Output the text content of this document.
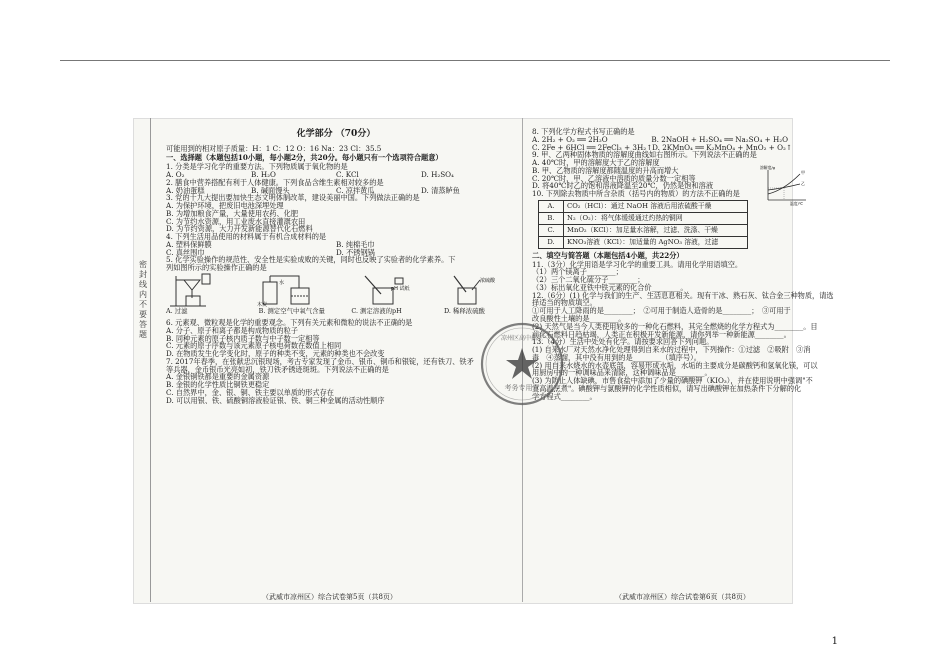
密 封 线 内 不 要 答 题
化学部分 （70分）
可能用到的相对原子质量：H：1 C：12 O：16 Na：23 Cl：35.5
一、选择题（本题包括10小题，每小题2分，共20分。每小题只有一个选项符合题意）
1. 分类是学习化学的重要方法。下列物质属于氧化物的是
A. O₂	B. H₂O	C. KCl	D. H₂SO₄
2. 膳食中营养搭配有利于人体健康。下列食品含维生素相对较多的是
A. 奶油蛋糕	B. 碱面馒头	C. 凉拌黄瓜	D. 清蒸鲈鱼
3. 党的十九大提出要加快生态文明体制改革，建设美丽中国。下列做法正确的是
A. 为保护环境，把废旧电池深埋处理
B. 为增加粮食产量，大量使用农药、化肥
C. 为节约水资源，用工业废水直接灌溉农田
D. 为节约资源，大力开发新能源替代化石燃料
4. 下列生活用品使用的材料属于有机合成材料的是
A. 塑料保鲜膜	B. 纯棉毛巾
C. 真丝围巾	D. 不锈钢锅
5. 化学实验操作的规范性、安全性是实验成败的关键，同时也反映了实验者的化学素养。下
列如图所示的实验操作正确的是
A. 过滤
水
木炭
B. 测定空气中氧气含量
pH 试纸
C. 测定溶液的pH
浓硫酸
D. 稀释浓硫酸
6. 元素观、微粒观是化学的重要观念。下列有关元素和微粒的说法不正确的是
A. 分子、原子和离子都是构成物质的粒子
B. 同种元素的原子核内质子数与中子数一定相等
C. 元素的原子序数与该元素原子核电荷数在数值上相同
D. 在物质发生化学变化时，原子的种类不变，元素的种类也不会改变
7. 2017年春季，在张献忠沉银现场，考古专家发现了金币、银币、铜币和银锭，还有铁刀、铁矛
等兵器，金币银币光亮如初，铁刀铁矛锈迹斑斑。下列说法不正确的是
A. 金银铜铁都是重要的金属资源
B. 金银的化学性质比铜铁更稳定
C. 自然界中，金、银、铜、铁主要以单质的形式存在
D. 可以用银、铁、硫酸铜溶液验证银、铁、铜三种金属的活动性顺序
（武威市凉州区）综合试卷第5页（共8页）
8. 下列化学方程式书写正确的是
A. 2H₂ + O₂ ══ 2H₂O	B. 2NaOH + H₂SO₄ ══ Na₂SO₄ + H₂O
C. 2Fe + 6HCl ══ 2FeCl₃ + 3H₂↑ D. 2KMnO₄ ══ K₂MnO₄ + MnO₂ + O₂↑
9. 甲、乙两种固体物质的溶解度曲线如右图所示。下列说法不正确的是
A. 40℃时，甲的溶解度大于乙的溶解度
B. 甲、乙物质的溶解度都随温度的升高而增大
C. 20℃时，甲、乙溶液中溶质的质量分数一定相等
D. 将40℃时乙的饱和溶液降温至20℃，仍然是饱和溶液
10. 下列除去物质中所含杂质（括号内的物质）的方法不正确的是
A.	CO₂（HCl）：通过 NaOH 溶液后用浓硫酸干燥
B.	N₂（O₂）：将气体缓缓通过灼热的铜网
C.	MnO₂（KCl）：加足量水溶解，过滤、洗涤、干燥
D.	KNO₃溶液（KCl）：加适量的 AgNO₃ 溶液，过滤
二、填空与简答题（本题包括4小题，共22分）
11.（3分）化学用语是学习化学的重要工具。请用化学用语填空。
（1）两个镁离子________；
（2）三个二氧化硫分子________；
（3）标出氧化亚铁中铁元素的化合价________。
12.（6分）(1) 化学与我们的生产、生活息息相关。现有干冰、熟石灰、钛合金三种物质，请选
择适当的物质填空。
①可用于人工降雨的是________；　②可用于制造人造骨的是________；　③可用于
改良酸性土壤的是________。
(2) 天然气是当今人类使用较多的一种化石燃料，其完全燃烧的化学方程式为________。目
前化石燃料日趋枯竭，人类正在积极开发新能源，请你列举一种新能源________。
13.（4分）生活中处处有化学。请按要求回答下列问题。
(1) 自来水厂对天然水净化处理得到自来水的过程中，下列操作：①过滤　②吸附　③消
毒　④蒸馏，其中没有用到的是________（填序号）。
(2) 用自来水烧水的水壶底部，容易形成水垢，水垢的主要成分是碳酸钙和氢氧化镁，可以
用厨房中的一种调味品来清除，这种调味品是________。
(3) 为防止人体缺碘，市售食盐中添加了少量的碘酸钾（KIO₃），并在使用说明中强调"不
宜高温烹煮"。碘酸钾与氯酸钾的化学性质相似，请写出碘酸钾在加热条件下分解的化
学方程式________。
（武威市凉州区）综合试卷第6页（共8页）
溶解度/g
甲
乙
温度/℃
考务专用章
凉州区高中招生
1
